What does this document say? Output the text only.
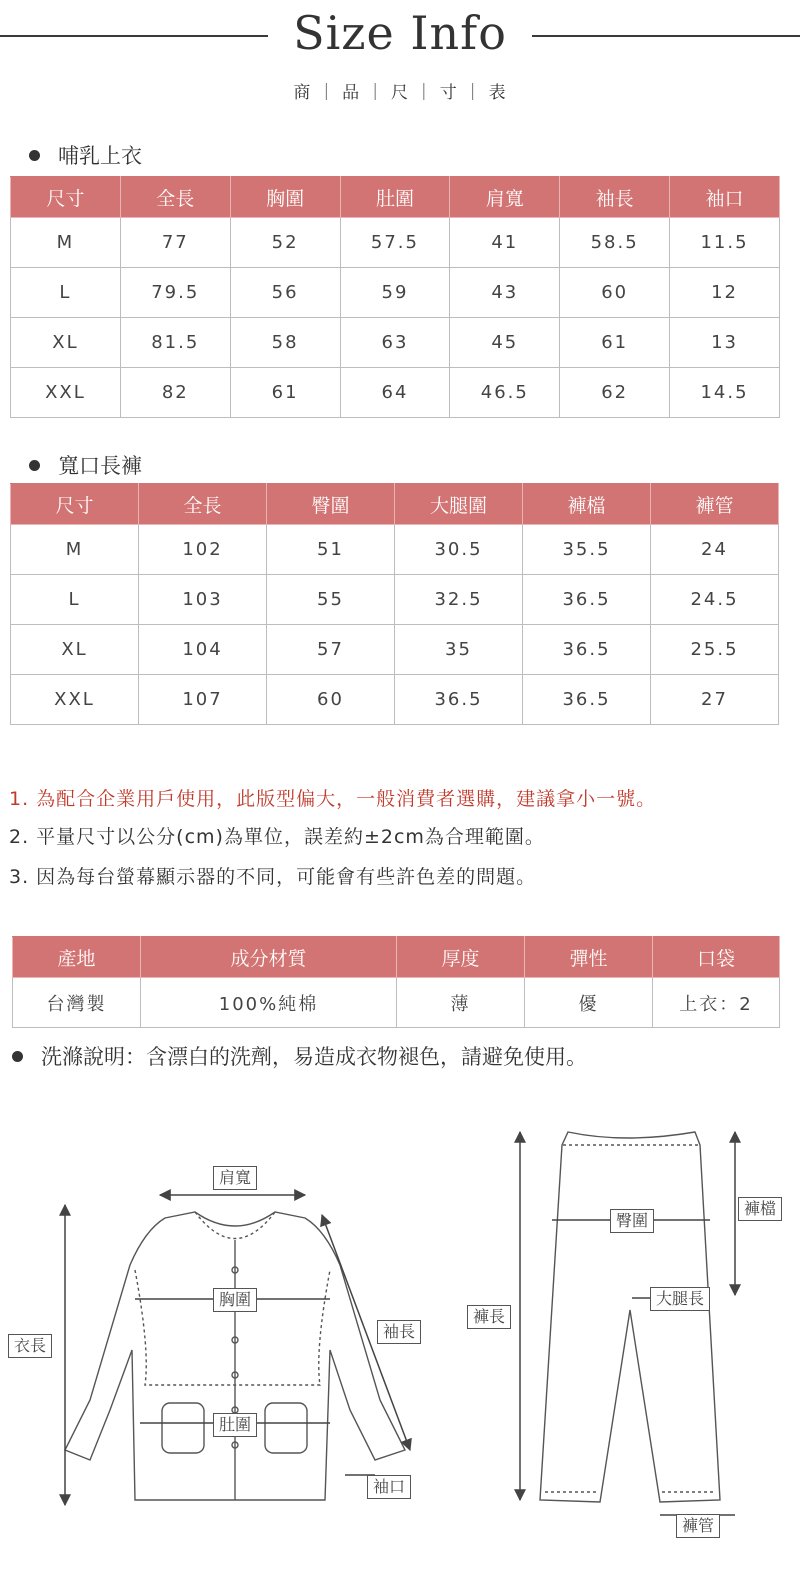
Size Info
商 ｜ 品 ｜ 尺 ｜ 寸 ｜ 表
哺乳上衣
尺寸	全長	胸圍	肚圍	肩寬	袖長	袖口
M	77	52	57.5	41	58.5	11.5
L	79.5	56	59	43	60	12
XL	81.5	58	63	45	61	13
XXL	82	61	64	46.5	62	14.5
寬口長褲
尺寸	全長	臀圍	大腿圍	褲檔	褲管
M	102	51	30.5	35.5	24
L	103	55	32.5	36.5	24.5
XL	104	57	35	36.5	25.5
XXL	107	60	36.5	36.5	27
1. 為配合企業用戶使用，此版型偏大，一般消費者選購，建議拿小一號。
2. 平量尺寸以公分(cm)為單位，誤差約±2cm為合理範圍。
3. 因為每台螢幕顯示器的不同，可能會有些許色差的問題。
產地	成分材質	厚度	彈性	口袋
台灣製	100%純棉	薄	優	上衣：2
洗滌說明：含漂白的洗劑，易造成衣物褪色，請避免使用。
肩寬
胸圍
肚圍
袖長
袖口
衣長
臀圍
褲檔
大腿長
褲長
褲管
